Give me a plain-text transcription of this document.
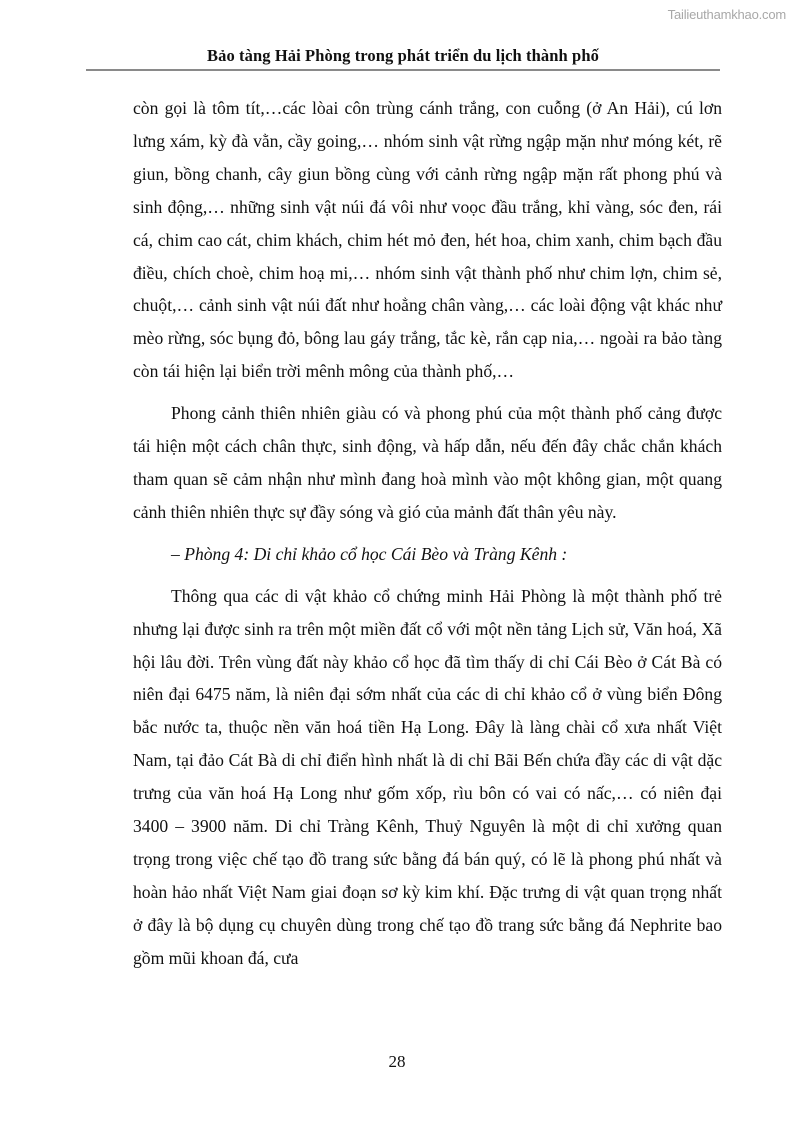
Tailieuthamkhao.com
Bảo tàng Hải Phòng trong phát triển du lịch thành phố

còn gọi là tôm tít,…các lòai côn trùng cánh trắng, con cuỗng (ở An Hải), cú lơn lưng xám, kỳ đà vằn, cầy going,… nhóm sinh vật rừng ngập mặn như móng két, rẽ giun, bồng chanh, cây giun bồng cùng với cảnh rừng ngập mặn rất phong phú và sinh động,… những sinh vật núi đá vôi như voọc đầu trắng, khỉ vàng, sóc đen, rái cá, chim cao cát, chim khách, chim hét mỏ đen, hét hoa, chim xanh, chim bạch đầu điều, chích choè, chim hoạ mi,… nhóm sinh vật thành phố như chim lợn, chim sẻ, chuột,… cảnh sinh vật núi đất như hoẳng chân vàng,… các loài động vật khác như mèo rừng, sóc bụng đỏ, bông lau gáy trắng, tắc kè, rắn cạp nia,… ngoài ra bảo tàng còn tái hiện lại biển trời mênh mông của thành phố,…

Phong cảnh thiên nhiên giàu có và phong phú của một thành phố cảng được tái hiện một cách chân thực, sinh động, và hấp dẫn, nếu đến đây chắc chắn khách tham quan sẽ cảm nhận như mình đang hoà mình vào một không gian, một quang cảnh thiên nhiên thực sự đầy sóng và gió của mảnh đất thân yêu này.

– Phòng 4: Di chỉ khảo cổ học Cái Bèo và Tràng Kênh :

Thông qua các di vật khảo cổ chứng minh Hải Phòng là một thành phố trẻ nhưng lại được sinh ra trên một miền đất cổ với một nền tảng Lịch sử, Văn hoá, Xã hội lâu đời. Trên vùng đất này khảo cổ học đã tìm thấy di chỉ Cái Bèo ở Cát Bà có niên đại 6475 năm, là niên đại sớm nhất của các di chỉ khảo cổ ở vùng biển Đông bắc nước ta, thuộc nền văn hoá tiền Hạ Long. Đây là làng chài cổ xưa nhất Việt Nam, tại đảo Cát Bà di chỉ điển hình nhất là di chỉ Bãi Bến chứa đầy các di vật dặc trưng của văn hoá Hạ Long như gốm xốp, rìu bôn có vai có nấc,… có niên đại 3400 – 3900 năm. Di chỉ Tràng Kênh, Thuỷ Nguyên là một di chỉ xưởng quan trọng trong việc chế tạo đồ trang sức bằng đá bán quý, có lẽ là phong phú nhất và hoàn hảo nhất Việt Nam giai đoạn sơ kỳ kim khí. Đặc trưng di vật quan trọng nhất ở đây là bộ dụng cụ chuyên dùng trong chế tạo đồ trang sức bằng đá Nephrite bao gồm mũi khoan đá, cưa

28
